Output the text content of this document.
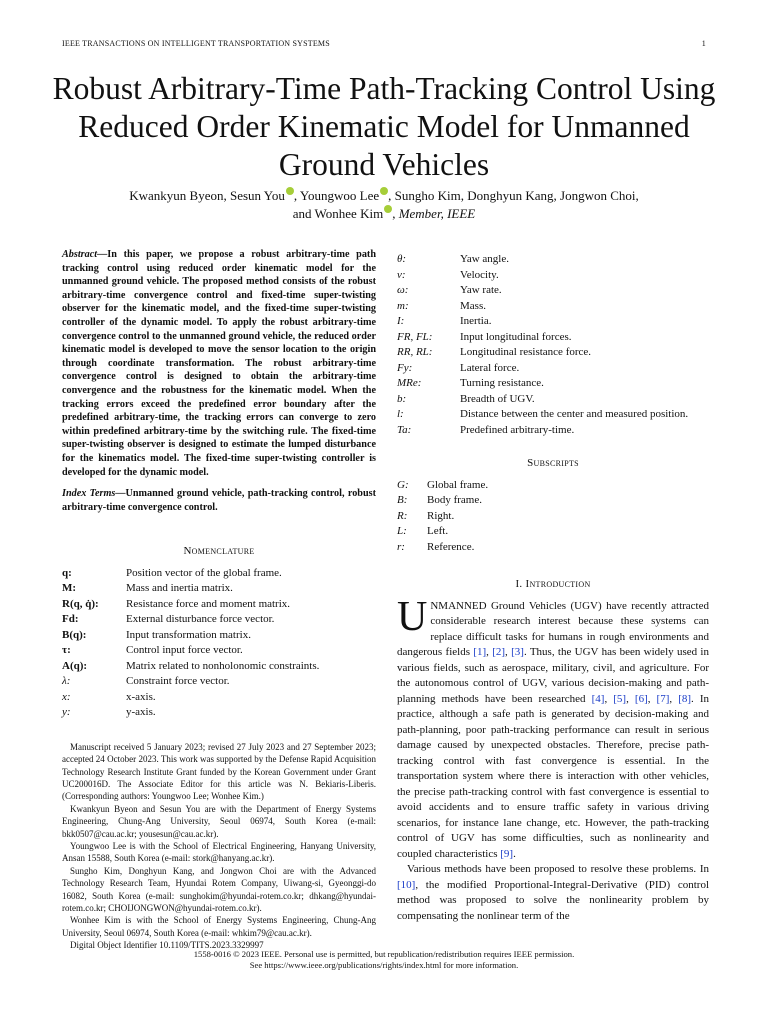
IEEE TRANSACTIONS ON INTELLIGENT TRANSPORTATION SYSTEMS	1
Robust Arbitrary-Time Path-Tracking Control Using Reduced Order Kinematic Model for Unmanned Ground Vehicles
Kwankyun Byeon, Sesun You , Youngwoo Lee , Sungho Kim, Donghyun Kang, Jongwon Choi,
and Wonhee Kim , Member, IEEE
Abstract—In this paper, we propose a robust arbitrary-time path tracking control using reduced order kinematic model for the unmanned ground vehicle. The proposed method consists of the robust arbitrary-time convergence control and fixed-time super-twisting observer for the kinematic model, and the fixed-time super-twisting controller of the dynamic model. To apply the robust arbitrary-time convergence control to the unmanned ground vehicle, the reduced order kinematic model is developed to move the sensor location to the origin through coordinate transformation. The robust arbitrary-time convergence control is designed to obtain the arbitrary-time convergence and the robustness for the kinematic model. When the tracking errors exceed the predefined error boundary after the predefined arbitrary-time, the tracking errors can converge to zero within predefined arbitrary-time by the switching rule. The fixed-time super-twisting observer is designed to estimate the lumped disturbance for the kinematics model. The fixed-time super-twisting controller is developed for the dynamic model.
Index Terms—Unmanned ground vehicle, path-tracking control, robust arbitrary-time convergence control.
Nomenclature
q:	Position vector of the global frame.
M:	Mass and inertia matrix.
R(q, q̇):	Resistance force and moment matrix.
Fd:	External disturbance force vector.
B(q):	Input transformation matrix.
τ:	Control input force vector.
A(q):	Matrix related to nonholonomic constraints.
λ:	Constraint force vector.
x:	x-axis.
y:	y-axis.

Manuscript received 5 January 2023; revised 27 July 2023 and 27 September 2023; accepted 24 October 2023. This work was supported by the Defense Rapid Acquisition Technology Research Institute Grant funded by the Korean Government under Grant UC200016D. The Associate Editor for this article was N. Bekiaris-Liberis. (Corresponding authors: Youngwoo Lee; Wonhee Kim.)

Kwankyun Byeon and Sesun You are with the Department of Energy Systems Engineering, Chung-Ang University, Seoul 06974, South Korea (e-mail: bkk0507@cau.ac.kr; yousesun@cau.ac.kr).

Youngwoo Lee is with the School of Electrical Engineering, Hanyang University, Ansan 15588, South Korea (e-mail: stork@hanyang.ac.kr).

Sungho Kim, Donghyun Kang, and Jongwon Choi are with the Advanced Technology Research Team, Hyundai Rotem Company, Uiwang-si, Gyeonggi-do 16082, South Korea (e-mail: sunghokim@hyundai-rotem.co.kr; dhkang@hyundai-rotem.co.kr; CHOIJONGWON@hyundai-rotem.co.kr).

Wonhee Kim is with the School of Energy Systems Engineering, Chung-Ang University, Seoul 06974, South Korea (e-mail: whkim79@cau.ac.kr).

Digital Object Identifier 10.1109/TITS.2023.3329997

θ:	Yaw angle.
v:	Velocity.
ω:	Yaw rate.
m:	Mass.
I:	Inertia.
FR, FL:	Input longitudinal forces.
RR, RL:	Longitudinal resistance force.
Fy:	Lateral force.
MRe:	Turning resistance.
b:	Breadth of UGV.
l:	Distance between the center and measured position.
Ta:	Predefined arbitrary-time.
Subscripts
G:	Global frame.
B:	Body frame.
R:	Right.
L:	Left.
r:	Reference.
I. Introduction

UNMANNED Ground Vehicles (UGV) have recently attracted considerable research interest because these systems can replace difficult tasks for humans in rough environments and dangerous fields [1], [2], [3]. Thus, the UGV has been widely used in various fields, such as aerospace, military, civil, and agriculture. For the autonomous control of UGV, various decision-making and path-planning methods have been researched [4], [5], [6], [7], [8]. In practice, although a safe path is generated by decision-making and path-planning, poor path-tracking performance can result in serious damage caused by unexpected obstacles. Therefore, precise path-tracking control with fast convergence is essential. In the transportation system where there is interaction with other vehicles, the precise path-tracking control with fast convergence is essential to avoid accidents and to ensure traffic safety in various driving scenarios, for instance lane change, etc. However, the path-tracking control of UGV has some difficulties, such as nonlinearity and coupled characteristics [9].

Various methods have been proposed to resolve these problems. In [10], the modified Proportional-Integral-Derivative (PID) control method was proposed to solve the nonlinearity problem by compensating the nonlinear term of the

1558-0016 © 2023 IEEE. Personal use is permitted, but republication/redistribution requires IEEE permission.
See https://www.ieee.org/publications/rights/index.html for more information.
